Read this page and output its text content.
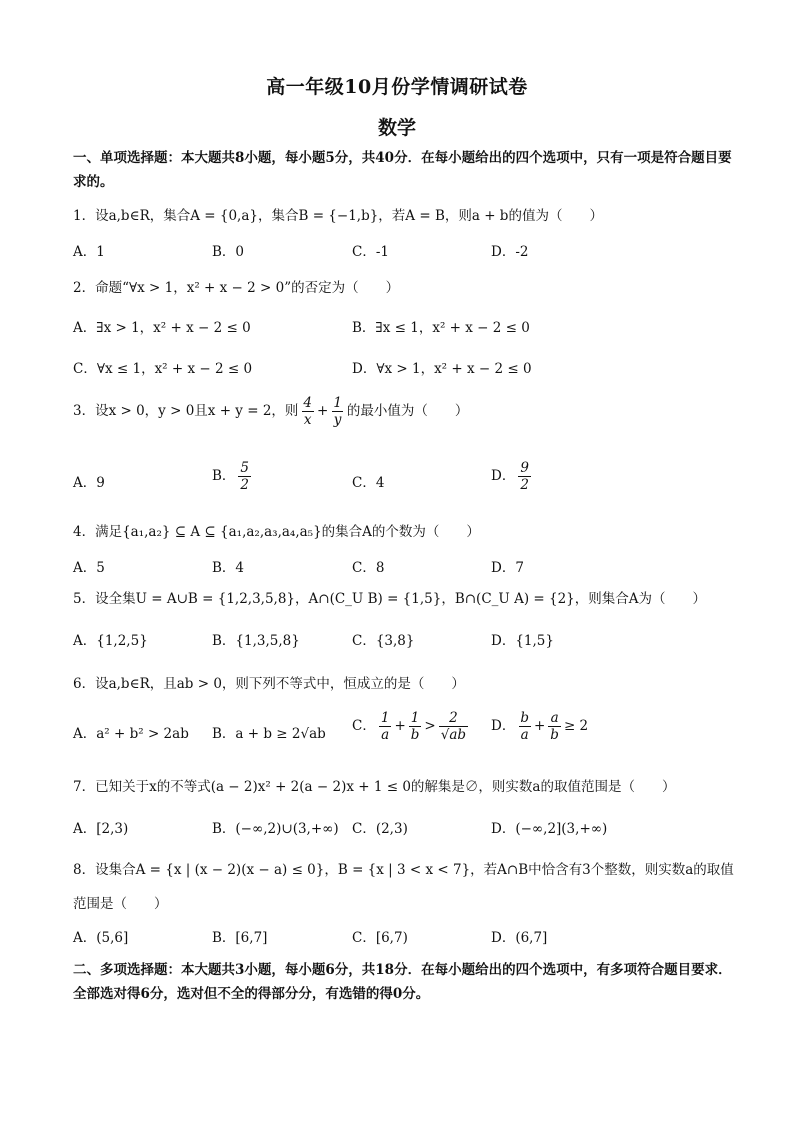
高一年级10月份学情调研试卷
数学
一、单项选择题：本大题共8小题，每小题5分，共40分．在每小题给出的四个选项中，只有一项是符合题目要求的。
1．设a,b∈R，集合A = {0,a}，集合B = {−1,b}，若A = B，则a + b的值为（　　）
A．1	B．0	C．-1	D．-2
2．命题“∀x > 1，x² + x − 2 > 0”的否定为（　　）
A．∃x > 1，x² + x − 2 ≤ 0	B．∃x ≤ 1，x² + x − 2 ≤ 0
C．∀x ≤ 1，x² + x − 2 ≤ 0	D．∀x > 1，x² + x − 2 ≤ 0
3．设x > 0，y > 0且x + y = 2，则 $\frac{4}{x} + \frac{1}{y}$ 的最小值为（　　）
A．9	B． $\frac{5}{2}$	C．4	D． $\frac{9}{2}$
4．满足{a₁,a₂} ⊆ A ⊆ {a₁,a₂,a₃,a₄,a₅}的集合A的个数为（　　）
A．5	B．4	C．8	D．7
5．设全集U = A∪B = {1,2,3,5,8}，A∩(C_U B) = {1,5}，B∩(C_U A) = {2}，则集合A为（　　）
A．{1,2,5}	B．{1,3,5,8}	C．{3,8}	D．{1,5}
6．设a,b∈R，且ab > 0，则下列不等式中，恒成立的是（　　）
A．a² + b² > 2ab B．a + b ≥ 2√ab C． $\frac{1}{a} + \frac{1}{b} > \frac{2}{√ab}$ D． $\frac{b}{a} + \frac{a}{b} \ge 2$
7．已知关于x的不等式(a − 2)x² + 2(a − 2)x + 1 ≤ 0的解集是∅，则实数a的取值范围是（　　）
A．[2,3)	B．(−∞,2)∪(3,+∞) C．(2,3)	D．(−∞,2](3,+∞)
8．设集合A = {x | (x − 2)(x − a) ≤ 0}，B = {x | 3 < x < 7}，若A∩B中恰含有3个整数，则实数a的取值
范围是（　　）
A．(5,6]	B．[6,7]	C．[6,7)	D．(6,7]
二、多项选择题：本大题共3小题，每小题6分，共18分．在每小题给出的四个选项中，有多项符合题目要求．全部选对得6分，选对但不全的得部分分，有选错的得0分。
